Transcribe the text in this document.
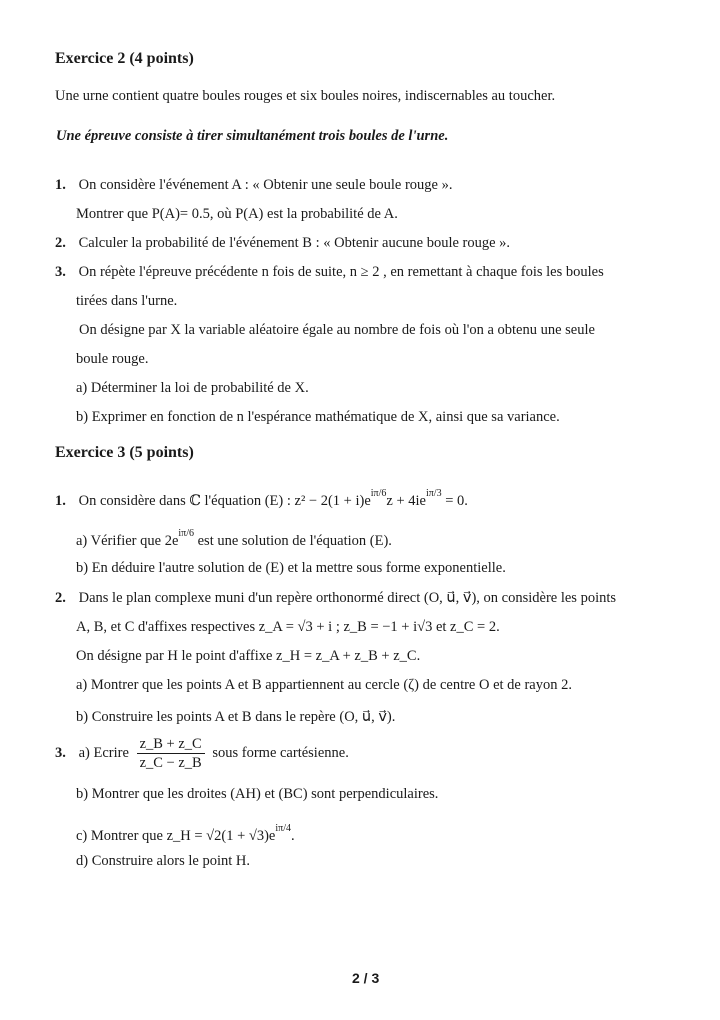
Exercice 2 (4 points)
Une urne contient quatre boules rouges et six boules noires, indiscernables au toucher.
Une épreuve consiste à tirer simultanément trois boules de l'urne.
1. On considère l'événement A : « Obtenir une seule boule rouge ».
Montrer que P(A)= 0.5, où P(A) est la probabilité de A.
2. Calculer la probabilité de l'événement B : « Obtenir aucune boule rouge ».
3. On répète l'épreuve précédente n fois de suite, n ≥ 2 , en remettant à chaque fois les boules
tirées dans l'urne.
On désigne par X la variable aléatoire égale au nombre de fois où l'on a obtenu une seule
boule rouge.
a) Déterminer la loi de probabilité de X.
b) Exprimer en fonction de n l'espérance mathématique de X, ainsi que sa variance.
Exercice 3 (5 points)
1. On considère dans ℂ l'équation (E) : $z^2 - 2(1 + i)e^{i\pi/6}z + 4ie^{i\pi/3} = 0$.
a) Vérifier que $2e^{i\pi/6}$ est une solution de l'équation (E).
b) En déduire l'autre solution de (E) et la mettre sous forme exponentielle.
2. Dans le plan complexe muni d'un repère orthonormé direct (O, u⃗, v⃗), on considère les points
A, B, et C d'affixes respectives z_A = √3 + i ; z_B = −1 + i√3 et z_C = 2.
On désigne par H le point d'affixe z_H = z_A + z_B + z_C.
a) Montrer que les points A et B appartiennent au cercle (ζ) de centre O et de rayon 2.
b) Construire les points A et B dans le repère (O, u⃗, v⃗).
3. a) Ecrire $\frac{z\_B + z\_C}{z\_C - z\_B}$ sous forme cartésienne.
b) Montrer que les droites (AH) et (BC) sont perpendiculaires.
c) Montrer que z_H = $√2(1 + √3)e^{i\pi/4}$.
d) Construire alors le point H.
2 / 3
